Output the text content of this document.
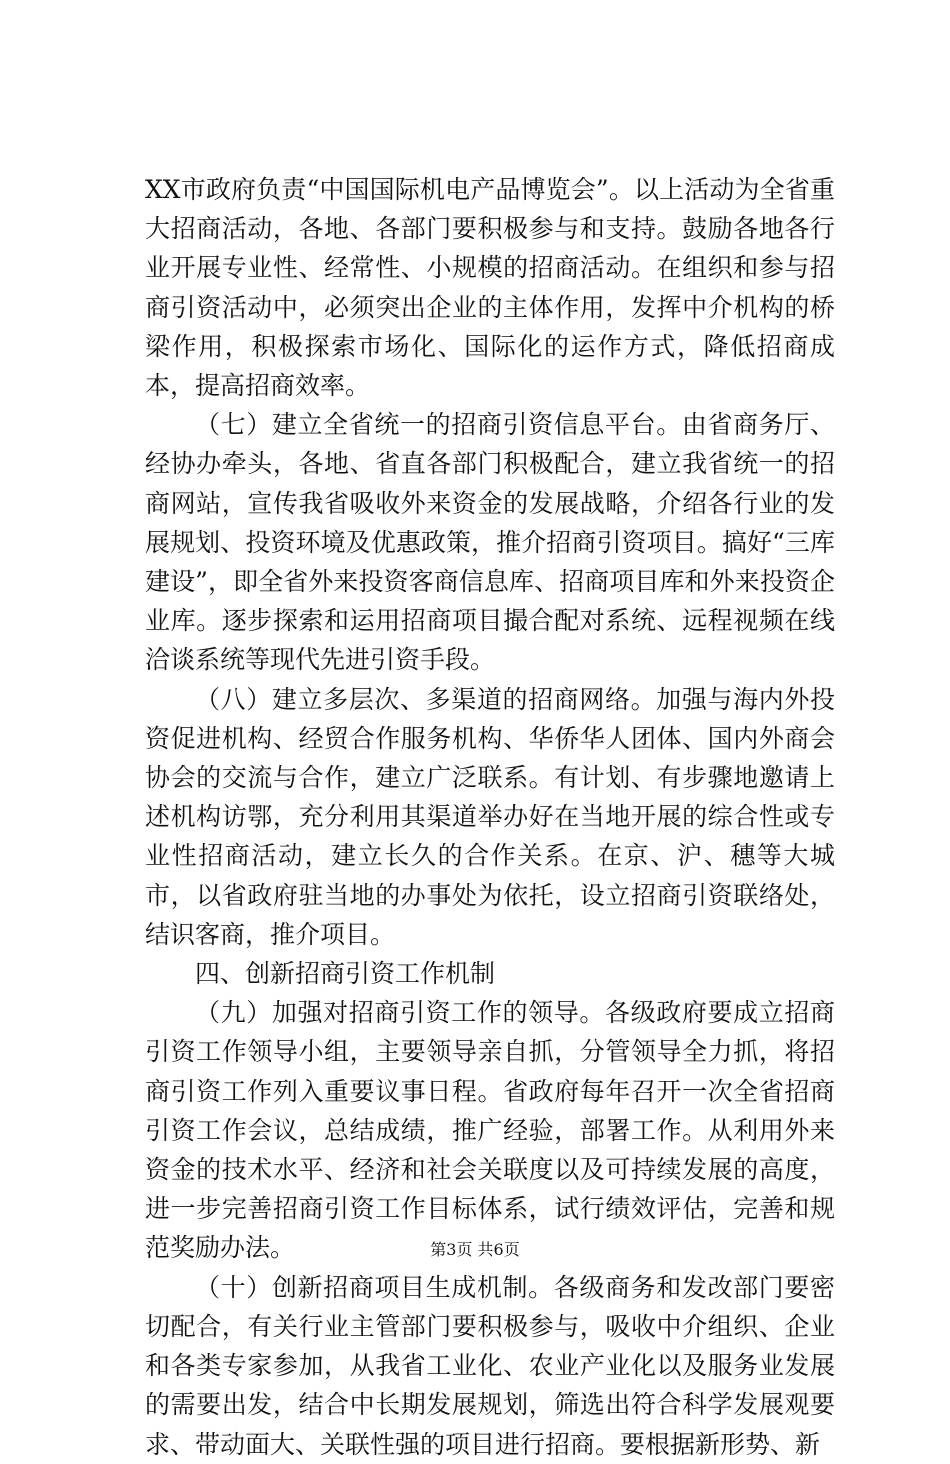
XX市政府负责“中国国际机电产品博览会”。以上活动为全省重大招商活动，各地、各部门要积极参与和支持。鼓励各地各行业开展专业性、经常性、小规模的招商活动。在组织和参与招商引资活动中，必须突出企业的主体作用，发挥中介机构的桥梁作用，积极探索市场化、国际化的运作方式，降低招商成本，提高招商效率。

（七）建立全省统一的招商引资信息平台。由省商务厅、经协办牵头，各地、省直各部门积极配合，建立我省统一的招商网站，宣传我省吸收外来资金的发展战略，介绍各行业的发展规划、投资环境及优惠政策，推介招商引资项目。搞好“三库建设”，即全省外来投资客商信息库、招商项目库和外来投资企业库。逐步探索和运用招商项目撮合配对系统、远程视频在线洽谈系统等现代先进引资手段。

（八）建立多层次、多渠道的招商网络。加强与海内外投资促进机构、经贸合作服务机构、华侨华人团体、国内外商会协会的交流与合作，建立广泛联系。有计划、有步骤地邀请上述机构访鄂，充分利用其渠道举办好在当地开展的综合性或专业性招商活动，建立长久的合作关系。在京、沪、穗等大城市，以省政府驻当地的办事处为依托，设立招商引资联络处，结识客商，推介项目。

四、创新招商引资工作机制

（九）加强对招商引资工作的领导。各级政府要成立招商引资工作领导小组，主要领导亲自抓，分管领导全力抓，将招商引资工作列入重要议事日程。省政府每年召开一次全省招商引资工作会议，总结成绩，推广经验，部署工作。从利用外来资金的技术水平、经济和社会关联度以及可持续发展的高度，进一步完善招商引资工作目标体系，试行绩效评估，完善和规范奖励办法。

（十）创新招商项目生成机制。各级商务和发改部门要密切配合，有关行业主管部门要积极参与，吸收中介组织、企业和各类专家参加，从我省工业化、农业产业化以及服务业发展的需要出发，结合中长期发展规划，筛选出符合科学发展观要求、带动面大、关联性强的项目进行招商。要根据新形势、新

第3页 共6页
